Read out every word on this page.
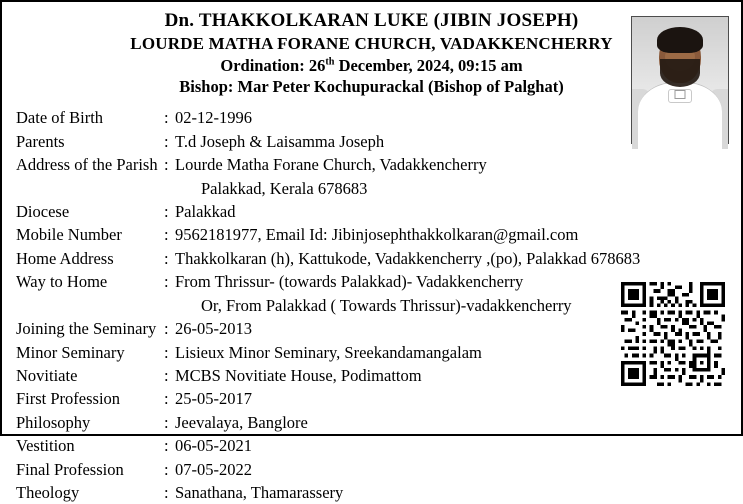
Dn. THAKKOLKARAN LUKE (JIBIN JOSEPH)
LOURDE MATHA FORANE CHURCH, VADAKKENCHERRY
Ordination: 26th December, 2024, 09:15 am
Bishop: Mar Peter Kochupurackal (Bishop of Palghat)
Date of Birth	: 02-12-1996
Parents	: T.d Joseph & Laisamma Joseph
Address of the Parish : Lourde Matha Forane Church, Vadakkencherry
Palakkad, Kerala 678683
Diocese	: Palakkad
Mobile Number	: 9562181977, Email Id: Jibinjosephthakkolkaran@gmail.com
Home Address	: Thakkolkaran (h), Kattukode, Vadakkencherry ,(po), Palakkad 678683
Way to Home	: From Thrissur- (towards Palakkad)- Vadakkencherry
Or, From Palakkad ( Towards Thrissur)-vadakkencherry
Joining the Seminary : 26-05-2013
Minor Seminary	: Lisieux Minor Seminary, Sreekandamangalam
Novitiate	: MCBS Novitiate House, Podimattom
First Profession	: 25-05-2017
Philosophy	: Jeevalaya, Banglore
Vestition	: 06-05-2021
Final Profession	: 07-05-2022
Theology	: Sanathana, Thamarassery
